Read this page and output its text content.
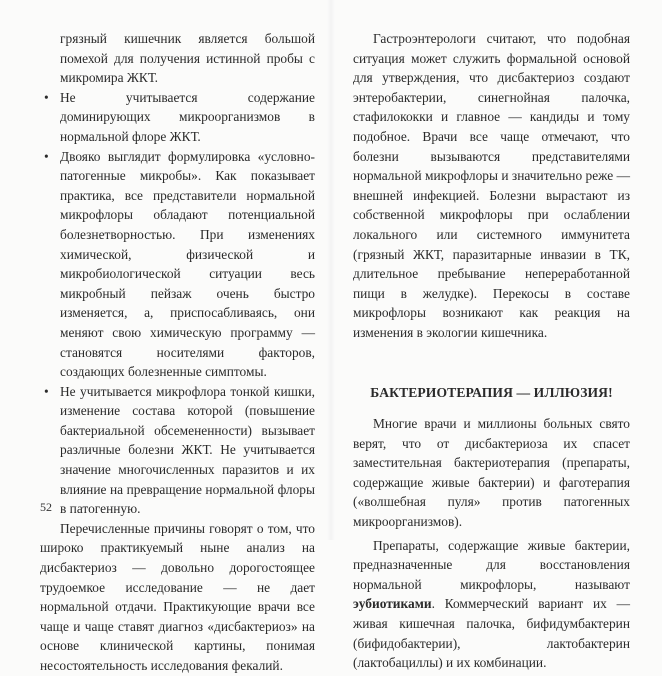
грязный кишечник является большой помехой для получения истинной пробы с микромира ЖКТ.

• Не учитывается содержание доминирующих микроорганизмов в нормальной флоре ЖКТ.
• Двояко выглядит формулировка «условно-патогенные микробы». Как показывает практика, все представители нормальной микрофлоры обладают потенциальной болезнетворностью. При изменениях химической, физической и микробиологической ситуации весь микробный пейзаж очень быстро изменяется, а, приспосабливаясь, они меняют свою химическую программу — становятся носителями факторов, создающих болезненные симптомы.
• Не учитывается микрофлора тонкой кишки, изменение состава которой (повышение бактериальной обсемененности) вызывает различные болезни ЖКТ. Не учитывается значение многочисленных паразитов и их влияние на превращение нормальной флоры в патогенную.

Перечисленные причины говорят о том, что широко практикуемый ныне анализ на дисбактериоз — довольно дорогостоящее трудоемкое исследование — не дает нормальной отдачи. Практикующие врачи все чаще и чаще ставят диагноз «дисбактериоз» на основе клинической картины, понимая несостоятельность исследования фекалий.

52

Гастроэнтерологи считают, что подобная ситуация может служить формальной основой для утверждения, что дисбактериоз создают энтеробактерии, синегнойная палочка, стафилококки и главное — кандиды и тому подобное. Врачи все чаще отмечают, что болезни вызываются представителями нормальной микрофлоры и значительно реже — внешней инфекцией. Болезни вырастают из собственной микрофлоры при ослаблении локального или системного иммунитета (грязный ЖКТ, паразитарные инвазии в ТК, длительное пребывание непереработанной пищи в желудке). Перекосы в составе микрофлоры возникают как реакция на изменения в экологии кишечника.

БАКТЕРИОТЕРАПИЯ — ИЛЛЮЗИЯ!

Многие врачи и миллионы больных свято верят, что от дисбактериоза их спасет заместительная бактериотерапия (препараты, содержащие живые бактерии) и фаготерапия («волшебная пуля» против патогенных микроорганизмов).

Препараты, содержащие живые бактерии, предназначенные для восстановления нормальной микрофлоры, называют эубиотиками. Коммерческий вариант их — живая кишечная палочка, бифидумбактерин (бифидобактерии), лактобактерин (лактобациллы) и их комбинации.
